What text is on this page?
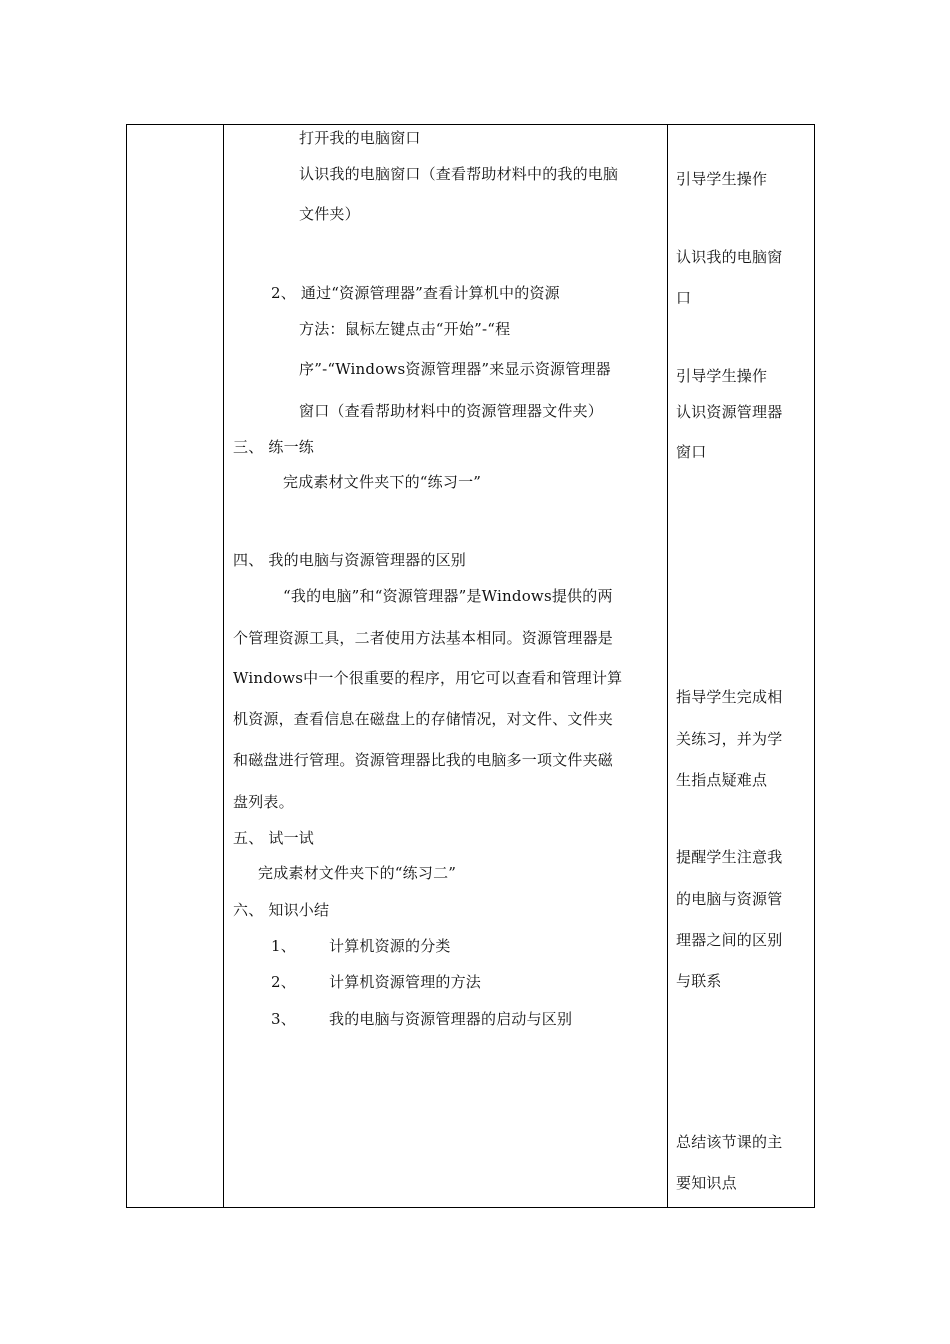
打开我的电脑窗口
认识我的电脑窗口（查看帮助材料中的我的电脑
文件夹）
2、 通过“资源管理器”查看计算机中的资源
方法：鼠标左键点击“开始”-“程
序”-“Windows资源管理器”来显示资源管理器
窗口（查看帮助材料中的资源管理器文件夹）
三、 练一练
完成素材文件夹下的“练习一”
四、 我的电脑与资源管理器的区别
“我的电脑”和“资源管理器”是Windows提供的两
个管理资源工具，二者使用方法基本相同。资源管理器是
Windows中一个很重要的程序，用它可以查看和管理计算
机资源，查看信息在磁盘上的存储情况，对文件、文件夹
和磁盘进行管理。资源管理器比我的电脑多一项文件夹磁
盘列表。
五、 试一试
完成素材文件夹下的“练习二”
六、 知识小结
1、 计算机资源的分类
2、 计算机资源管理的方法
3、 我的电脑与资源管理器的启动与区别
引导学生操作
认识我的电脑窗
口
引导学生操作
认识资源管理器
窗口
指导学生完成相
关练习，并为学
生指点疑难点
提醒学生注意我
的电脑与资源管
理器之间的区别
与联系
总结该节课的主
要知识点
